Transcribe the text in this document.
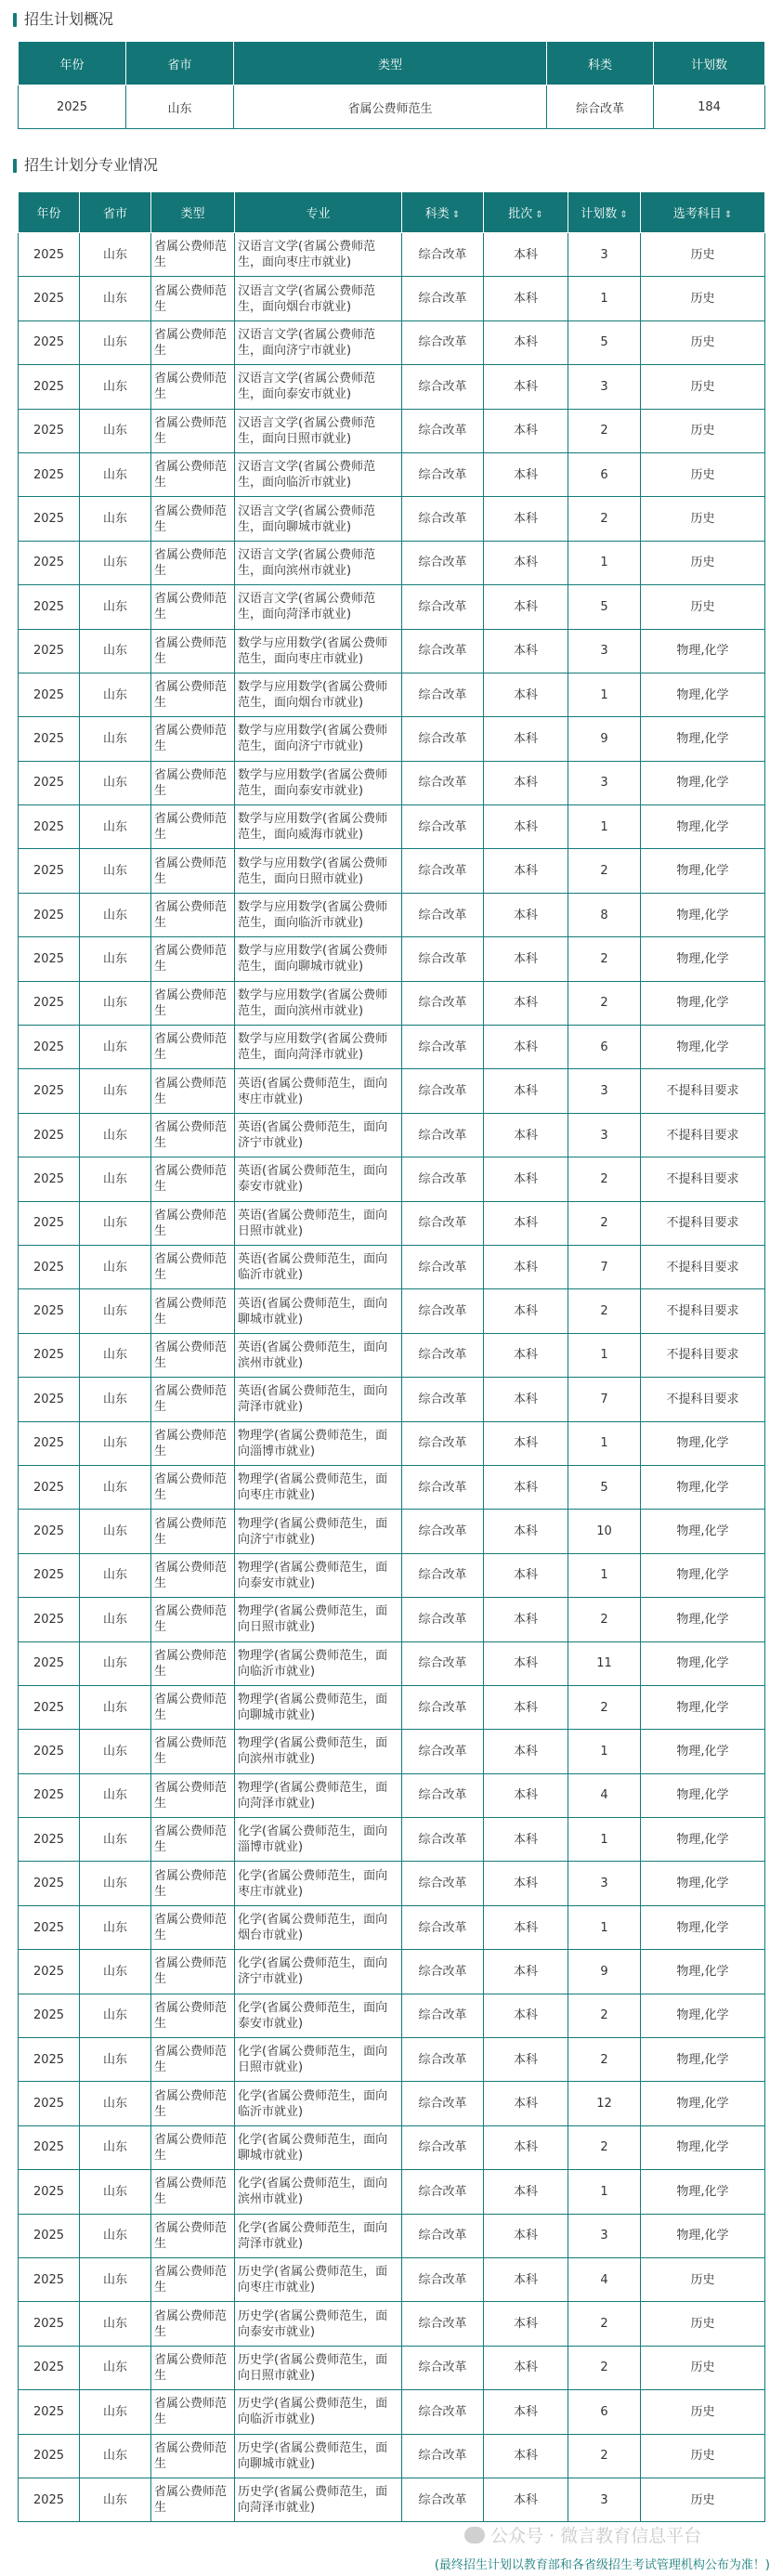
招生计划概况
年份	省市	类型	科类	计划数
2025	山东	省属公费师范生	综合改革	184
招生计划分专业情况
年份	省市	类型	专业	科类 ⇕	批次 ⇕	计划数 ⇕	选考科目 ⇕
2025	山东	省属公费师范生	汉语言文学(省属公费师范生，面向枣庄市就业)	综合改革	本科	3	历史
2025	山东	省属公费师范生	汉语言文学(省属公费师范生，面向烟台市就业)	综合改革	本科	1	历史
2025	山东	省属公费师范生	汉语言文学(省属公费师范生，面向济宁市就业)	综合改革	本科	5	历史
2025	山东	省属公费师范生	汉语言文学(省属公费师范生，面向泰安市就业)	综合改革	本科	3	历史
2025	山东	省属公费师范生	汉语言文学(省属公费师范生，面向日照市就业)	综合改革	本科	2	历史
2025	山东	省属公费师范生	汉语言文学(省属公费师范生，面向临沂市就业)	综合改革	本科	6	历史
2025	山东	省属公费师范生	汉语言文学(省属公费师范生，面向聊城市就业)	综合改革	本科	2	历史
2025	山东	省属公费师范生	汉语言文学(省属公费师范生，面向滨州市就业)	综合改革	本科	1	历史
2025	山东	省属公费师范生	汉语言文学(省属公费师范生，面向菏泽市就业)	综合改革	本科	5	历史
2025	山东	省属公费师范生	数学与应用数学(省属公费师范生，面向枣庄市就业)	综合改革	本科	3	物理,化学
2025	山东	省属公费师范生	数学与应用数学(省属公费师范生，面向烟台市就业)	综合改革	本科	1	物理,化学
2025	山东	省属公费师范生	数学与应用数学(省属公费师范生，面向济宁市就业)	综合改革	本科	9	物理,化学
2025	山东	省属公费师范生	数学与应用数学(省属公费师范生，面向泰安市就业)	综合改革	本科	3	物理,化学
2025	山东	省属公费师范生	数学与应用数学(省属公费师范生，面向威海市就业)	综合改革	本科	1	物理,化学
2025	山东	省属公费师范生	数学与应用数学(省属公费师范生，面向日照市就业)	综合改革	本科	2	物理,化学
2025	山东	省属公费师范生	数学与应用数学(省属公费师范生，面向临沂市就业)	综合改革	本科	8	物理,化学
2025	山东	省属公费师范生	数学与应用数学(省属公费师范生，面向聊城市就业)	综合改革	本科	2	物理,化学
2025	山东	省属公费师范生	数学与应用数学(省属公费师范生，面向滨州市就业)	综合改革	本科	2	物理,化学
2025	山东	省属公费师范生	数学与应用数学(省属公费师范生，面向菏泽市就业)	综合改革	本科	6	物理,化学
2025	山东	省属公费师范生	英语(省属公费师范生，面向枣庄市就业)	综合改革	本科	3	不提科目要求
2025	山东	省属公费师范生	英语(省属公费师范生，面向济宁市就业)	综合改革	本科	3	不提科目要求
2025	山东	省属公费师范生	英语(省属公费师范生，面向泰安市就业)	综合改革	本科	2	不提科目要求
2025	山东	省属公费师范生	英语(省属公费师范生，面向日照市就业)	综合改革	本科	2	不提科目要求
2025	山东	省属公费师范生	英语(省属公费师范生，面向临沂市就业)	综合改革	本科	7	不提科目要求
2025	山东	省属公费师范生	英语(省属公费师范生，面向聊城市就业)	综合改革	本科	2	不提科目要求
2025	山东	省属公费师范生	英语(省属公费师范生，面向滨州市就业)	综合改革	本科	1	不提科目要求
2025	山东	省属公费师范生	英语(省属公费师范生，面向菏泽市就业)	综合改革	本科	7	不提科目要求
2025	山东	省属公费师范生	物理学(省属公费师范生，面向淄博市就业)	综合改革	本科	1	物理,化学
2025	山东	省属公费师范生	物理学(省属公费师范生，面向枣庄市就业)	综合改革	本科	5	物理,化学
2025	山东	省属公费师范生	物理学(省属公费师范生，面向济宁市就业)	综合改革	本科	10	物理,化学
2025	山东	省属公费师范生	物理学(省属公费师范生，面向泰安市就业)	综合改革	本科	1	物理,化学
2025	山东	省属公费师范生	物理学(省属公费师范生，面向日照市就业)	综合改革	本科	2	物理,化学
2025	山东	省属公费师范生	物理学(省属公费师范生，面向临沂市就业)	综合改革	本科	11	物理,化学
2025	山东	省属公费师范生	物理学(省属公费师范生，面向聊城市就业)	综合改革	本科	2	物理,化学
2025	山东	省属公费师范生	物理学(省属公费师范生，面向滨州市就业)	综合改革	本科	1	物理,化学
2025	山东	省属公费师范生	物理学(省属公费师范生，面向菏泽市就业)	综合改革	本科	4	物理,化学
2025	山东	省属公费师范生	化学(省属公费师范生，面向淄博市就业)	综合改革	本科	1	物理,化学
2025	山东	省属公费师范生	化学(省属公费师范生，面向枣庄市就业)	综合改革	本科	3	物理,化学
2025	山东	省属公费师范生	化学(省属公费师范生，面向烟台市就业)	综合改革	本科	1	物理,化学
2025	山东	省属公费师范生	化学(省属公费师范生，面向济宁市就业)	综合改革	本科	9	物理,化学
2025	山东	省属公费师范生	化学(省属公费师范生，面向泰安市就业)	综合改革	本科	2	物理,化学
2025	山东	省属公费师范生	化学(省属公费师范生，面向日照市就业)	综合改革	本科	2	物理,化学
2025	山东	省属公费师范生	化学(省属公费师范生，面向临沂市就业)	综合改革	本科	12	物理,化学
2025	山东	省属公费师范生	化学(省属公费师范生，面向聊城市就业)	综合改革	本科	2	物理,化学
2025	山东	省属公费师范生	化学(省属公费师范生，面向滨州市就业)	综合改革	本科	1	物理,化学
2025	山东	省属公费师范生	化学(省属公费师范生，面向菏泽市就业)	综合改革	本科	3	物理,化学
2025	山东	省属公费师范生	历史学(省属公费师范生，面向枣庄市就业)	综合改革	本科	4	历史
2025	山东	省属公费师范生	历史学(省属公费师范生，面向泰安市就业)	综合改革	本科	2	历史
2025	山东	省属公费师范生	历史学(省属公费师范生，面向日照市就业)	综合改革	本科	2	历史
2025	山东	省属公费师范生	历史学(省属公费师范生，面向临沂市就业)	综合改革	本科	6	历史
2025	山东	省属公费师范生	历史学(省属公费师范生，面向聊城市就业)	综合改革	本科	2	历史
2025	山东	省属公费师范生	历史学(省属公费师范生，面向菏泽市就业)	综合改革	本科	3	历史
公众号 · 微言教育信息平台
(最终招生计划以教育部和各省级招生考试管理机构公布为准！)
